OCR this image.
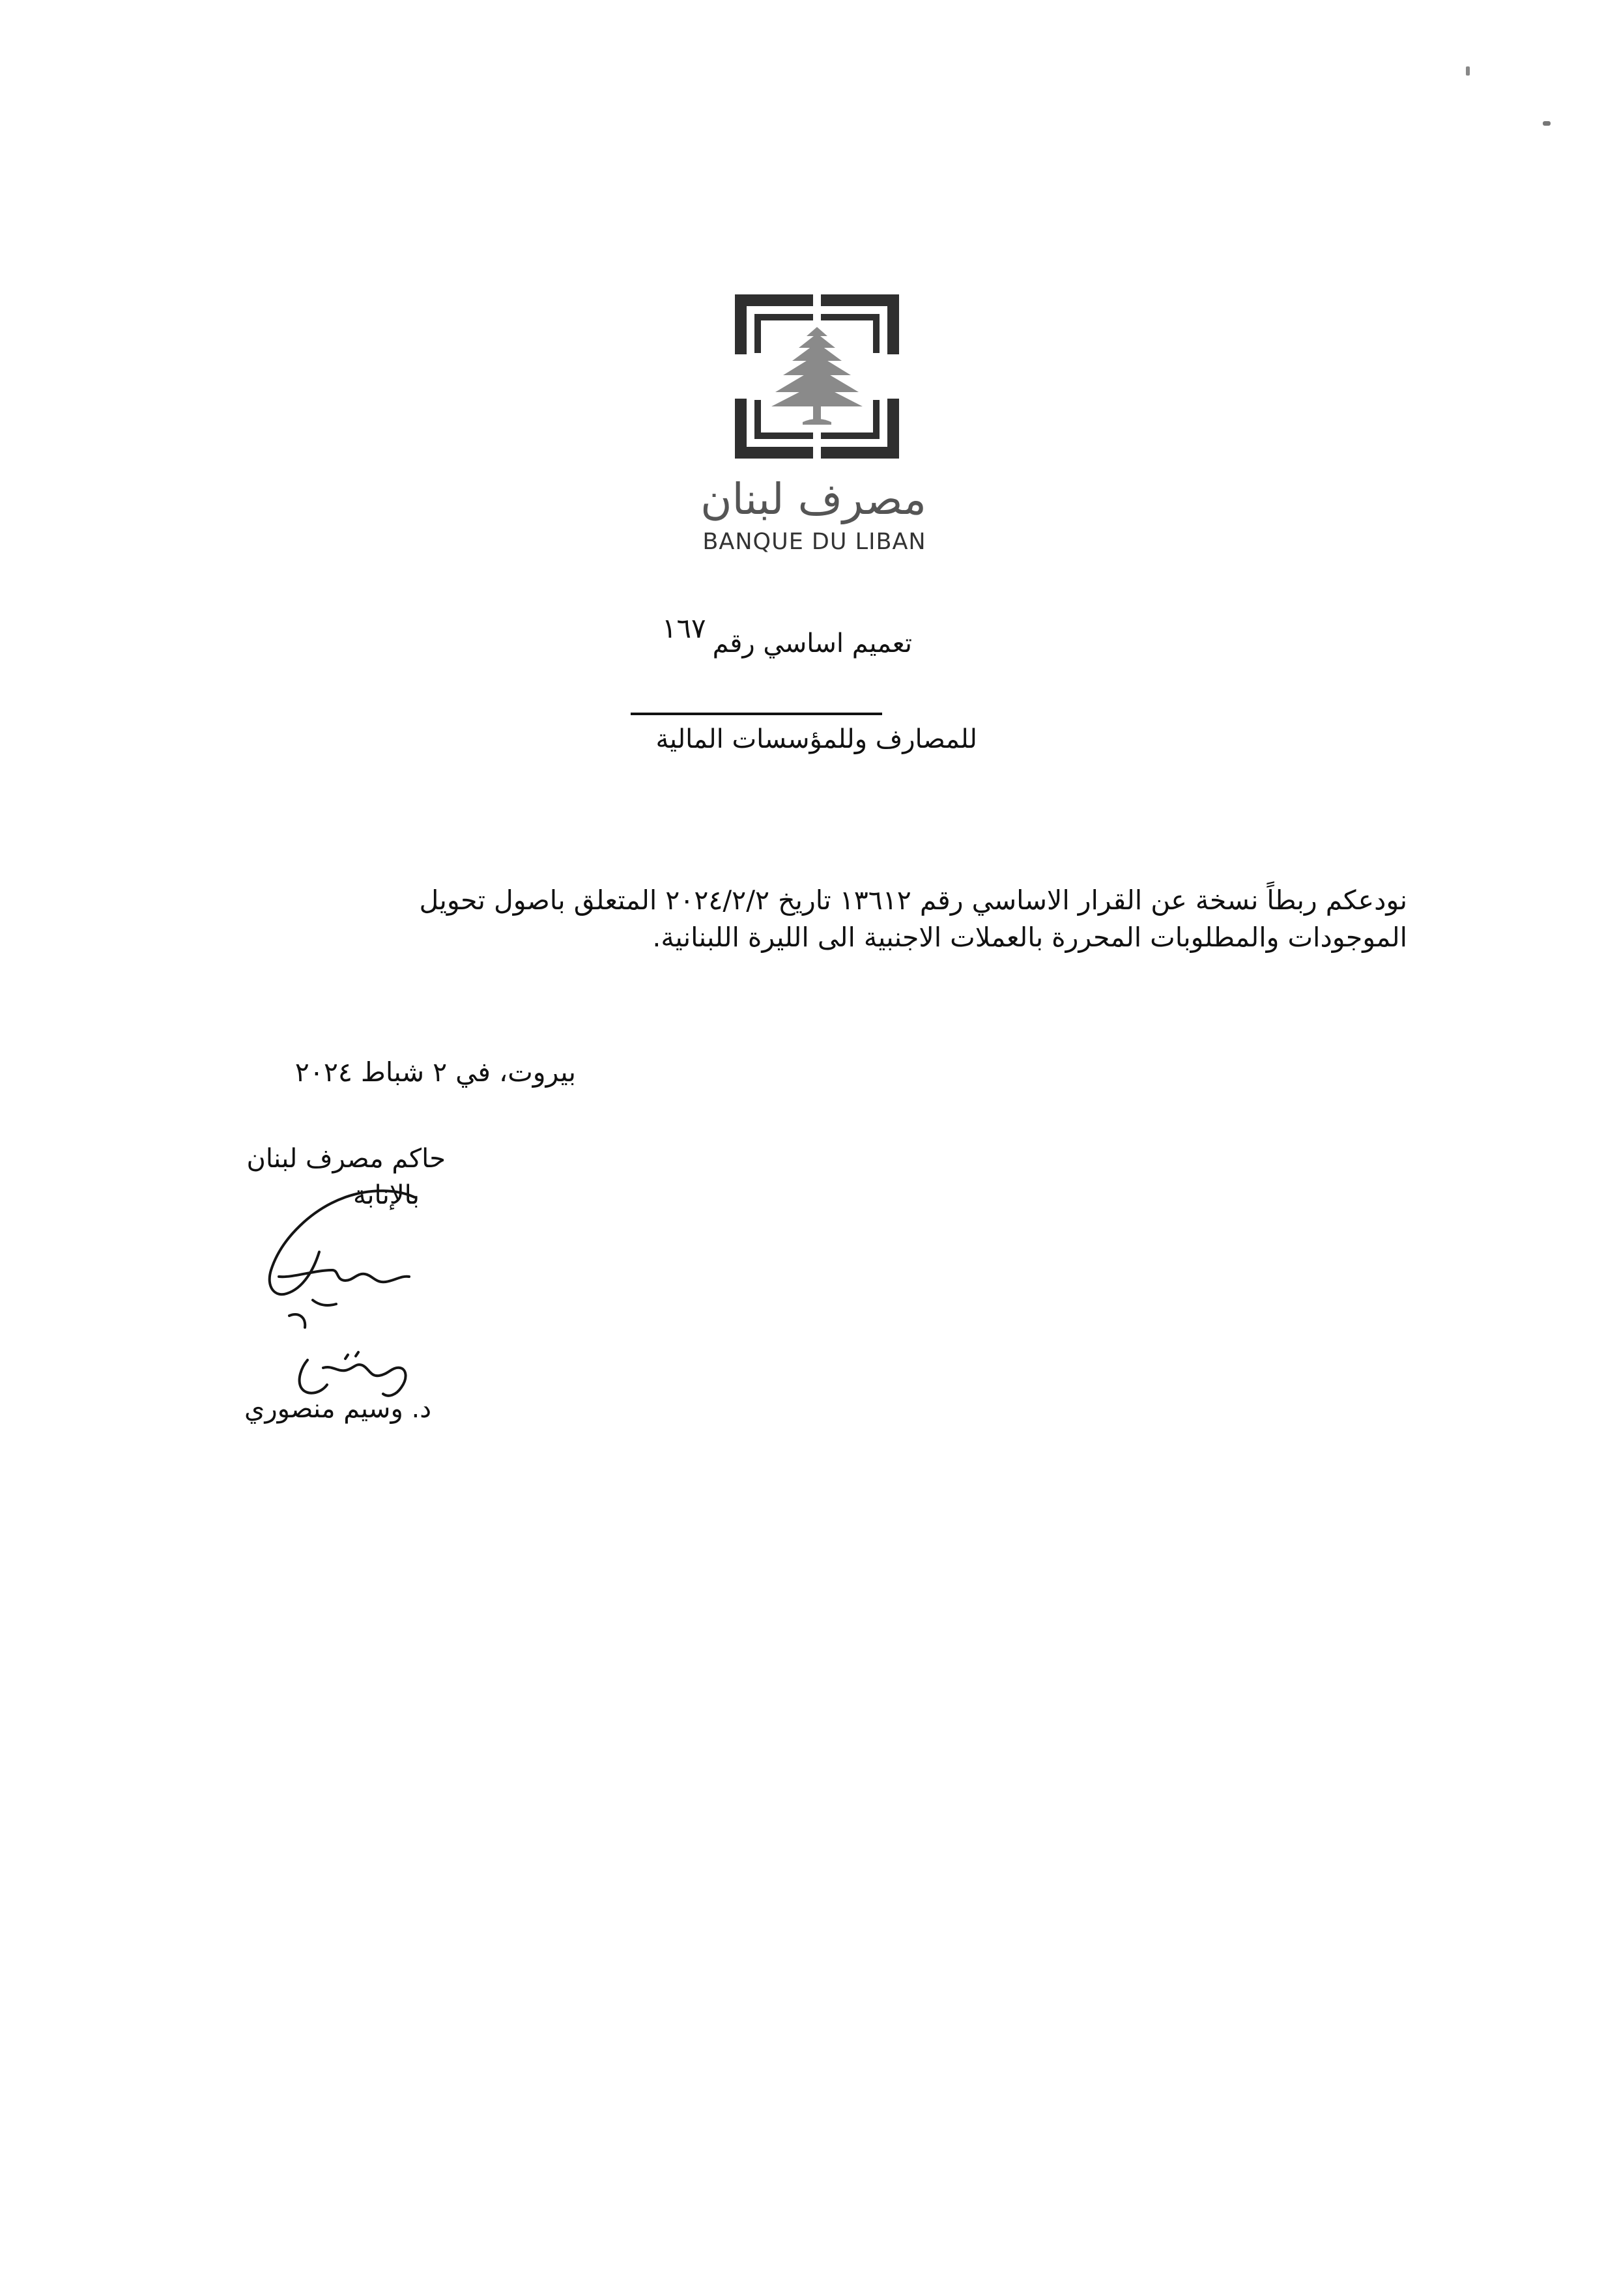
مصرف لبنان
BANQUE DU LIBAN
تعميم اساسي رقم١٦٧
للمصارف وللمؤسسات المالية

نودعكم ربطاً نسخة عن القرار الاساسي رقم ١٣٦١٢ تاريخ ٢٠٢٤/٢/٢ المتعلق باصول تحويل

الموجودات والمطلوبات المحررة بالعملات الاجنبية الى الليرة اللبنانية.

بيروت، في ٢ شباط ٢٠٢٤
حاكم مصرف لبنان
بالإنابة
د. وسيم منصوري
